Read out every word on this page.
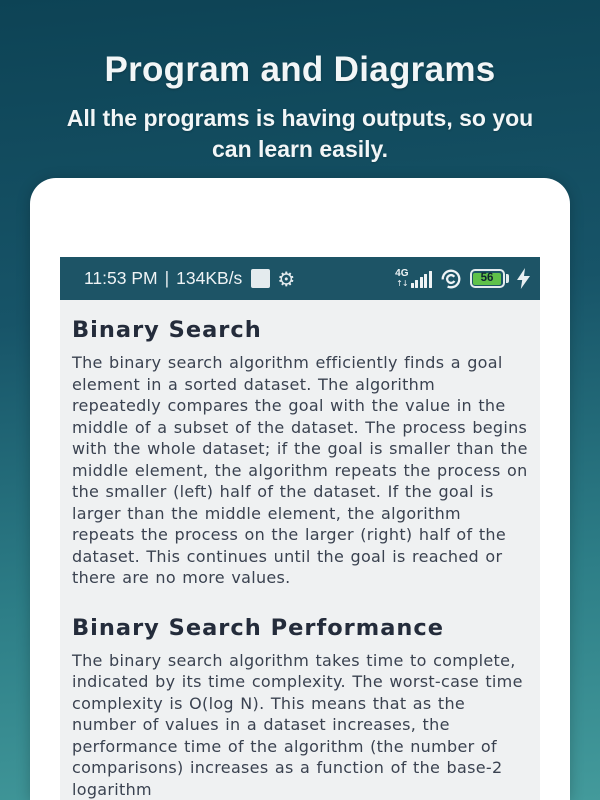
Program and Diagrams
All the programs is having outputs, so you can learn easily.
11:53 PM | 134KB/s ⚙	4G
↑↓	56
Binary Search

The binary search algorithm efficiently finds a goal element in a sorted dataset. The algorithm repeatedly compares the goal with the value in the middle of a subset of the dataset. The process begins with the whole dataset; if the goal is smaller than the middle element, the algorithm repeats the process on the smaller (left) half of the dataset. If the goal is larger than the middle element, the algorithm repeats the process on the larger (right) half of the dataset. This continues until the goal is reached or there are no more values.

Binary Search Performance

The binary search algorithm takes time to complete, indicated by its time complexity. The worst-case time complexity is O(log N). This means that as the number of values in a dataset increases, the performance time of the algorithm (the number of comparisons) increases as a function of the base-2 logarithm
